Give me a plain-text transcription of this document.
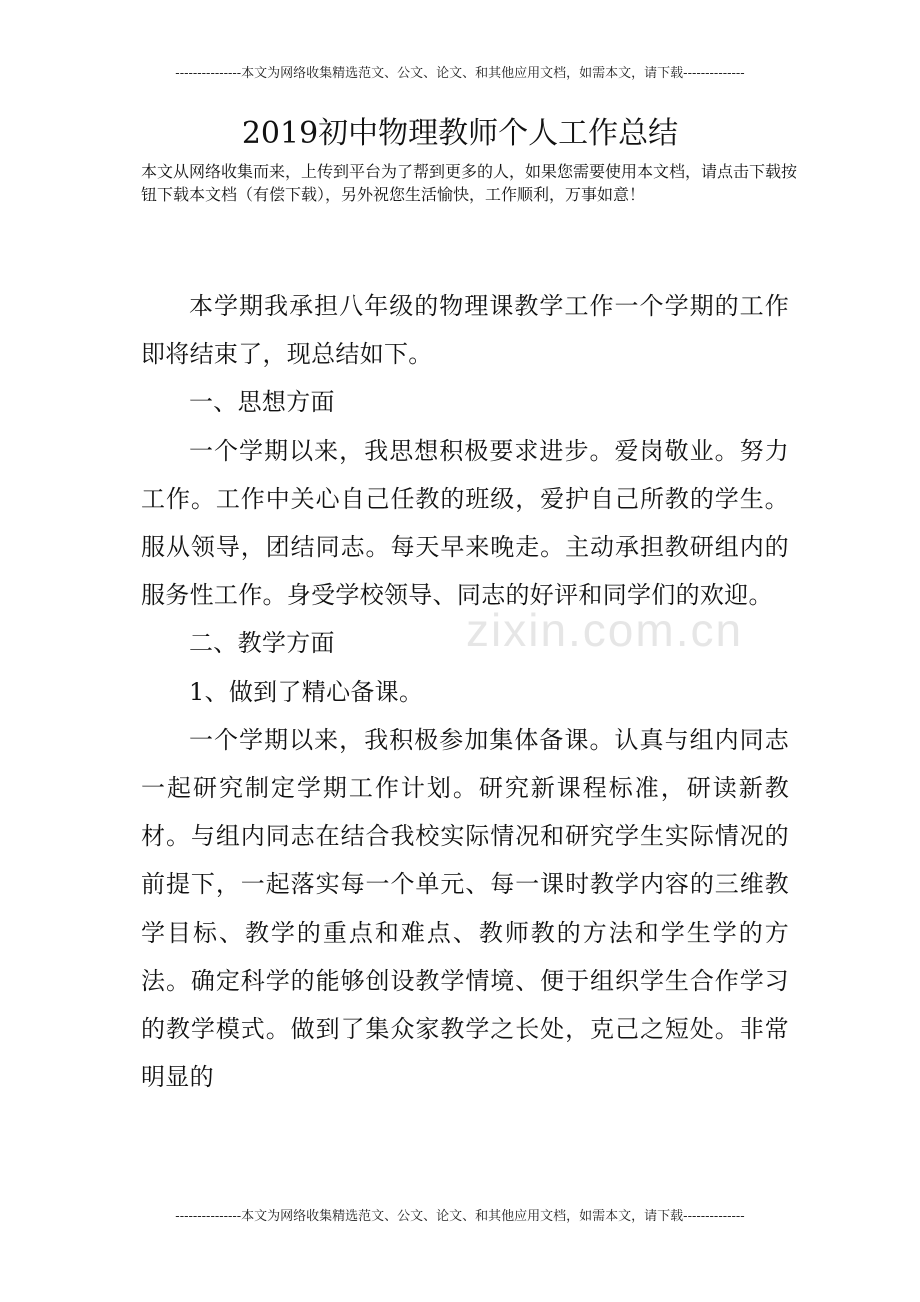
---------------本文为网络收集精选范文、公文、论文、和其他应用文档，如需本文，请下载--------------
2019初中物理教师个人工作总结

本文从网络收集而来，上传到平台为了帮到更多的人，如果您需要使用本文档，请点击下载按钮下载本文档（有偿下载），另外祝您生活愉快，工作顺利，万事如意！

本学期我承担八年级的物理课教学工作一个学期的工作即将结束了，现总结如下。

一、思想方面

一个学期以来，我思想积极要求进步。爱岗敬业。努力工作。工作中关心自己任教的班级，爱护自己所教的学生。服从领导，团结同志。每天早来晚走。主动承担教研组内的服务性工作。身受学校领导、同志的好评和同学们的欢迎。

二、教学方面

1、做到了精心备课。

一个学期以来，我积极参加集体备课。认真与组内同志一起研究制定学期工作计划。研究新课程标准，研读新教材。与组内同志在结合我校实际情况和研究学生实际情况的前提下，一起落实每一个单元、每一课时教学内容的三维教学目标、教学的重点和难点、教师教的方法和学生学的方法。确定科学的能够创设教学情境、便于组织学生合作学习的教学模式。做到了集众家教学之长处，克己之短处。非常明显的

zixin.com.cn
---------------本文为网络收集精选范文、公文、论文、和其他应用文档，如需本文，请下载--------------
